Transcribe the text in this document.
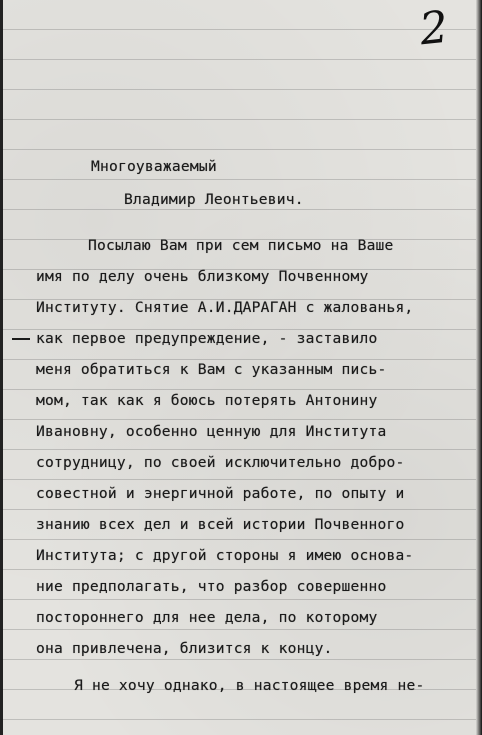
2
Многоуважаемый
Владимир Леонтьевич.
Посылаю Вам при сем письмо на Ваше
имя по делу очень близкому Почвенному
Институту. Снятие А.И.ДАРАГАН с жалованья,
как первое предупреждение, - заставило
меня обратиться к Вам с указанным пись-
мом, так как я боюсь потерять Антонину
Ивановну, особенно ценную для Института
сотрудницу, по своей исключительно добро-
совестной и энергичной работе, по опыту и
знанию всех дел и всей истории Почвенного
Института; с другой стороны я имею основа-
ние предполагать, что разбор совершенно
постороннего для нее дела, по которому
она привлечена, близится к концу.
Я не хочу однако, в настоящее время не-
